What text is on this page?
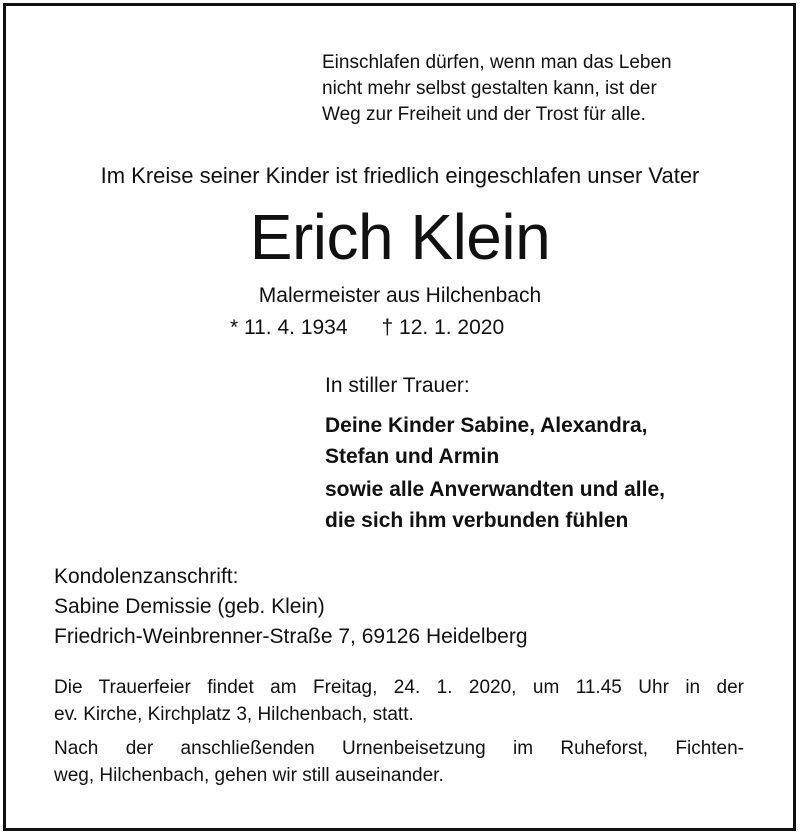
Einschlafen dürfen, wenn man das Leben
nicht mehr selbst gestalten kann, ist der
Weg zur Freiheit und der Trost für alle.
Im Kreise seiner Kinder ist friedlich eingeschlafen unser Vater
Erich Klein
Malermeister aus Hilchenbach
* 11. 4. 1934 † 12. 1. 2020
In stiller Trauer:
Deine Kinder Sabine, Alexandra,
Stefan und Armin
sowie alle Anverwandten und alle,
die sich ihm verbunden fühlen
Kondolenzanschrift:
Sabine Demissie (geb. Klein)
Friedrich-Weinbrenner-Straße 7, 69126 Heidelberg
Die Trauerfeier findet am Freitag, 24. 1. 2020, um 11.45 Uhr in der
ev. Kirche, Kirchplatz 3, Hilchenbach, statt.
Nach der anschließenden Urnenbeisetzung im Ruheforst, Fichten-
weg, Hilchenbach, gehen wir still auseinander.
